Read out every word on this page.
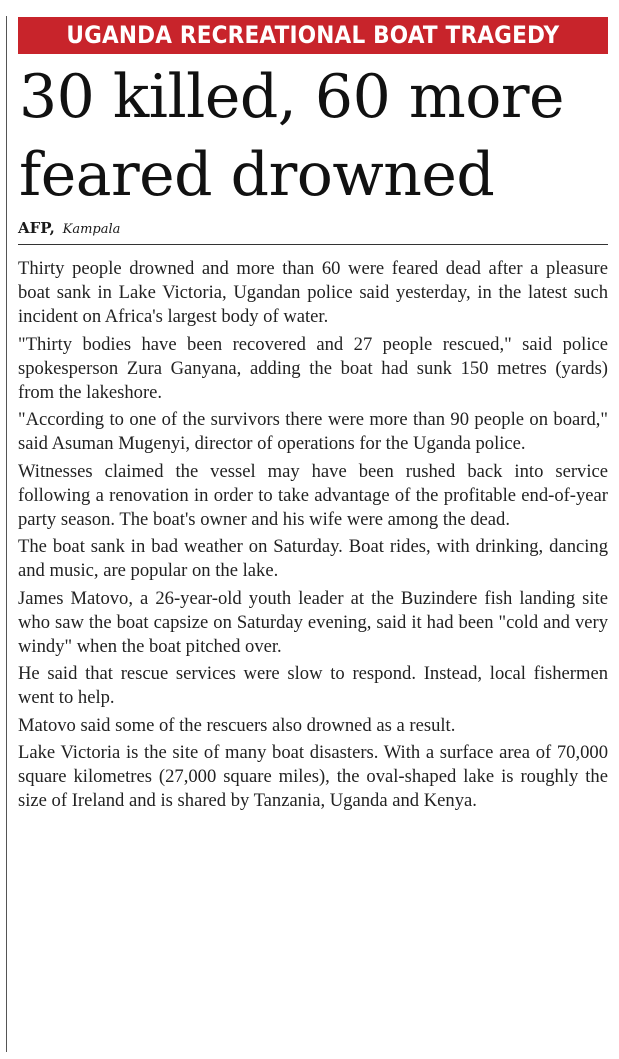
UGANDA RECREATIONAL BOAT TRAGEDY
30 killed, 60 more
feared drowned
AFP, Kampala

Thirty people drowned and more than 60 were feared dead after a pleasure boat sank in Lake Victoria, Ugandan police said yesterday, in the latest such incident on Africa's largest body of water.

"Thirty bodies have been recovered and 27 people rescued," said police spokesperson Zura Ganyana, adding the boat had sunk 150 metres (yards) from the lakeshore.

"According to one of the survivors there were more than 90 people on board," said Asuman Mugenyi, director of operations for the Uganda police.

Witnesses claimed the vessel may have been rushed back into service following a renovation in order to take advantage of the profitable end-of-year party season. The boat's owner and his wife were among the dead.

The boat sank in bad weather on Saturday. Boat rides, with drinking, dancing and music, are popular on the lake.

James Matovo, a 26-year-old youth leader at the Buzindere fish landing site who saw the boat capsize on Saturday evening, said it had been "cold and very windy" when the boat pitched over.

He said that rescue services were slow to respond. Instead, local fishermen went to help.

Matovo said some of the rescuers also drowned as a result.

Lake Victoria is the site of many boat disasters. With a surface area of 70,000 square kilometres (27,000 square miles), the oval-shaped lake is roughly the size of Ireland and is shared by Tanzania, Uganda and Kenya.
